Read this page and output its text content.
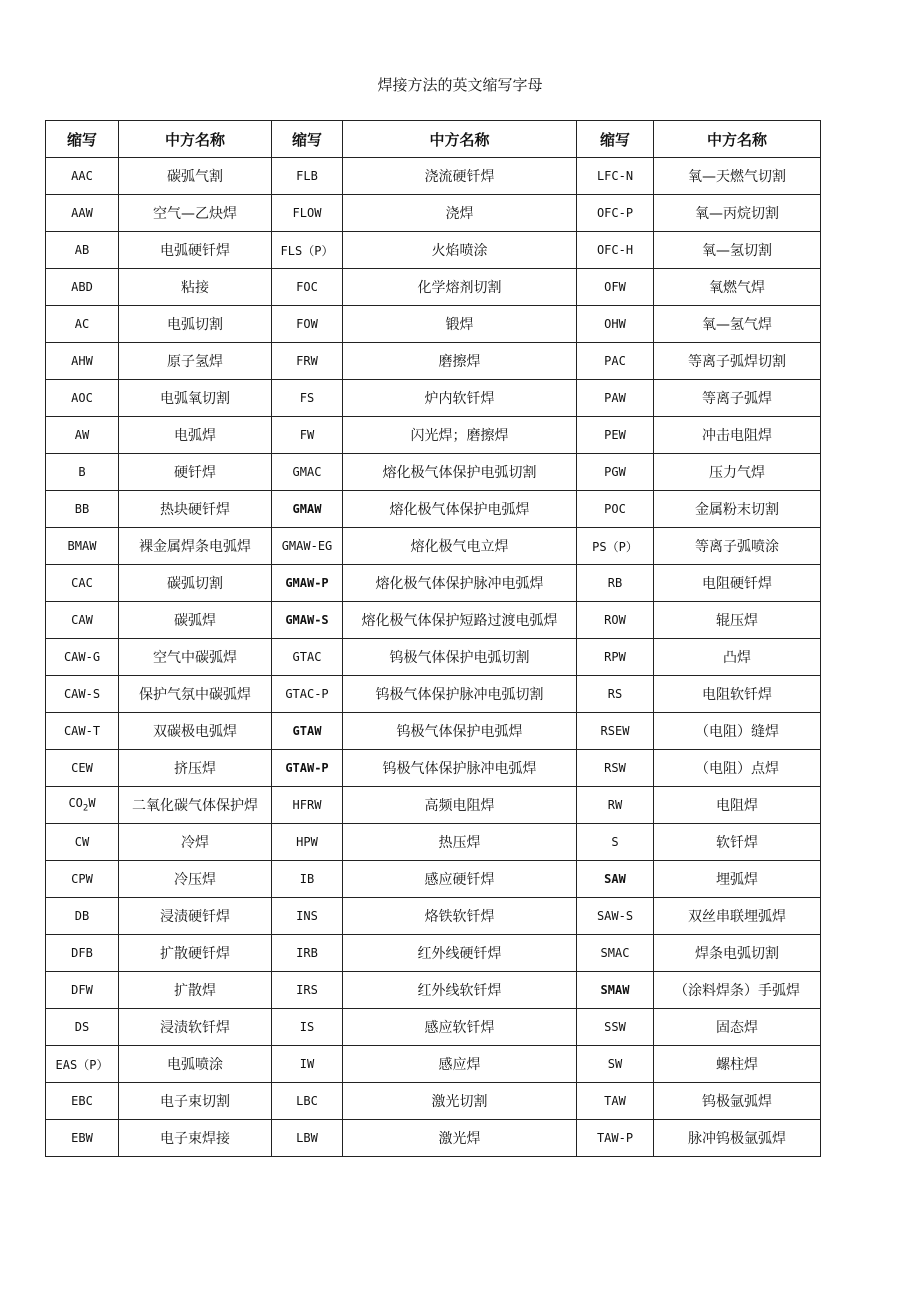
焊接方法的英文缩写字母
缩写	中方名称	缩写	中方名称	缩写	中方名称
AAC	碳弧气割	FLB	浇流硬钎焊	LFC-N	氧—天燃气切割
AAW	空气—乙炔焊	FLOW	浇焊	OFC-P	氧—丙烷切割
AB	电弧硬钎焊	FLS（P）	火焰喷涂	OFC-H	氧—氢切割
ABD	粘接	FOC	化学熔剂切割	OFW	氧燃气焊
AC	电弧切割	FOW	锻焊	OHW	氧—氢气焊
AHW	原子氢焊	FRW	磨擦焊	PAC	等离子弧焊切割
AOC	电弧氧切割	FS	炉内软钎焊	PAW	等离子弧焊
AW	电弧焊	FW	闪光焊；磨擦焊	PEW	冲击电阻焊
B	硬钎焊	GMAC	熔化极气体保护电弧切割	PGW	压力气焊
BB	热块硬钎焊	GMAW	熔化极气体保护电弧焊	POC	金属粉末切割
BMAW	裸金属焊条电弧焊	GMAW-EG	熔化极气电立焊	PS（P）	等离子弧喷涂
CAC	碳弧切割	GMAW-P	熔化极气体保护脉冲电弧焊	RB	电阻硬钎焊
CAW	碳弧焊	GMAW-S	熔化极气体保护短路过渡电弧焊	ROW	辊压焊
CAW-G	空气中碳弧焊	GTAC	钨极气体保护电弧切割	RPW	凸焊
CAW-S	保护气氛中碳弧焊	GTAC-P	钨极气体保护脉冲电弧切割	RS	电阻软钎焊
CAW-T	双碳极电弧焊	GTAW	钨极气体保护电弧焊	RSEW	（电阻）缝焊
CEW	挤压焊	GTAW-P	钨极气体保护脉冲电弧焊	RSW	（电阻）点焊
$CO_2W$	二氧化碳气体保护焊	HFRW	高频电阻焊	RW	电阻焊
CW	冷焊	HPW	热压焊	S	软钎焊
CPW	冷压焊	IB	感应硬钎焊	SAW	埋弧焊
DB	浸渍硬钎焊	INS	烙铁软钎焊	SAW-S	双丝串联埋弧焊
DFB	扩散硬钎焊	IRB	红外线硬钎焊	SMAC	焊条电弧切割
DFW	扩散焊	IRS	红外线软钎焊	SMAW	（涂料焊条）手弧焊
DS	浸渍软钎焊	IS	感应软钎焊	SSW	固态焊
EAS（P）	电弧喷涂	IW	感应焊	SW	螺柱焊
EBC	电子束切割	LBC	激光切割	TAW	钨极氩弧焊
EBW	电子束焊接	LBW	激光焊	TAW-P	脉冲钨极氩弧焊
